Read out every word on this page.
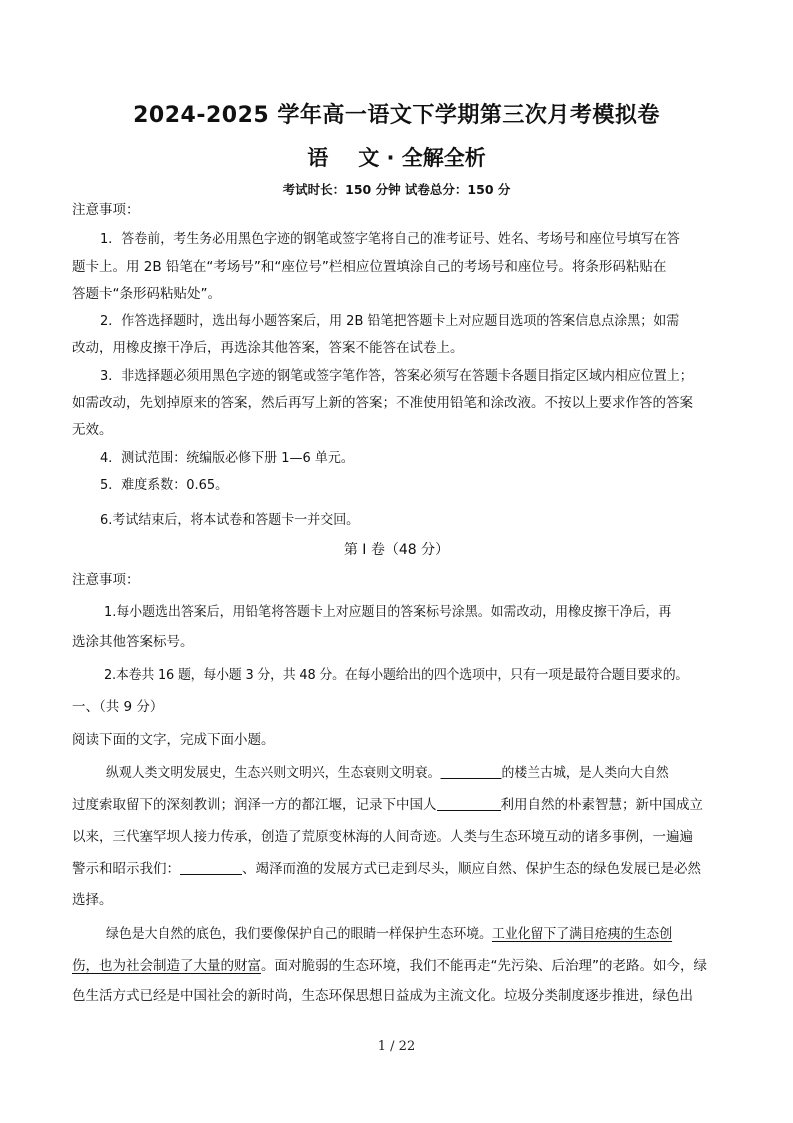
2024-2025 学年高一语文下学期第三次月考模拟卷
语 文 · 全解全析
考试时长：150 分钟 试卷总分：150 分
注意事项：
1．答卷前，考生务必用黑色字迹的钢笔或签字笔将自己的准考证号、姓名、考场号和座位号填写在答
题卡上。用 2B 铅笔在“考场号”和“座位号”栏相应位置填涂自己的考场号和座位号。将条形码粘贴在
答题卡“条形码粘贴处”。
2．作答选择题时，选出每小题答案后，用 2B 铅笔把答题卡上对应题目选项的答案信息点涂黑；如需
改动，用橡皮擦干净后，再选涂其他答案，答案不能答在试卷上。
3．非选择题必须用黑色字迹的钢笔或签字笔作答，答案必须写在答题卡各题目指定区域内相应位置上；
如需改动，先划掉原来的答案，然后再写上新的答案；不准使用铅笔和涂改液。不按以上要求作答的答案
无效。
4．测试范围：统编版必修下册 1—6 单元。
5．难度系数：0.65。
6.考试结束后，将本试卷和答题卡一并交回。
第 I 卷（48 分）
注意事项：
1.每小题选出答案后，用铅笔将答题卡上对应题目的答案标号涂黑。如需改动，用橡皮擦干净后，再
选涂其他答案标号。
2.本卷共 16 题，每小题 3 分，共 48 分。在每小题给出的四个选项中，只有一项是最符合题目要求的。
一、（共 9 分）
阅读下面的文字，完成下面小题。
纵观人类文明发展史，生态兴则文明兴，生态衰则文明衰。	的楼兰古城，是人类向大自然
过度索取留下的深刻教训；润泽一方的都江堰，记录下中国人	利用自然的朴素智慧；新中国成立
以来，三代塞罕坝人接力传承，创造了荒原变林海的人间奇迹。人类与生态环境互动的诸多事例，一遍遍
警示和昭示我们：	、竭泽而渔的发展方式已走到尽头，顺应自然、保护生态的绿色发展已是必然
选择。
绿色是大自然的底色，我们要像保护自己的眼睛一样保护生态环境。工业化留下了满目疮痍的生态创
伤，也为社会制造了大量的财富。面对脆弱的生态环境，我们不能再走“先污染、后治理”的老路。如今，绿
色生活方式已经是中国社会的新时尚，生态环保思想日益成为主流文化。垃圾分类制度逐步推进，绿色出
1 / 22
